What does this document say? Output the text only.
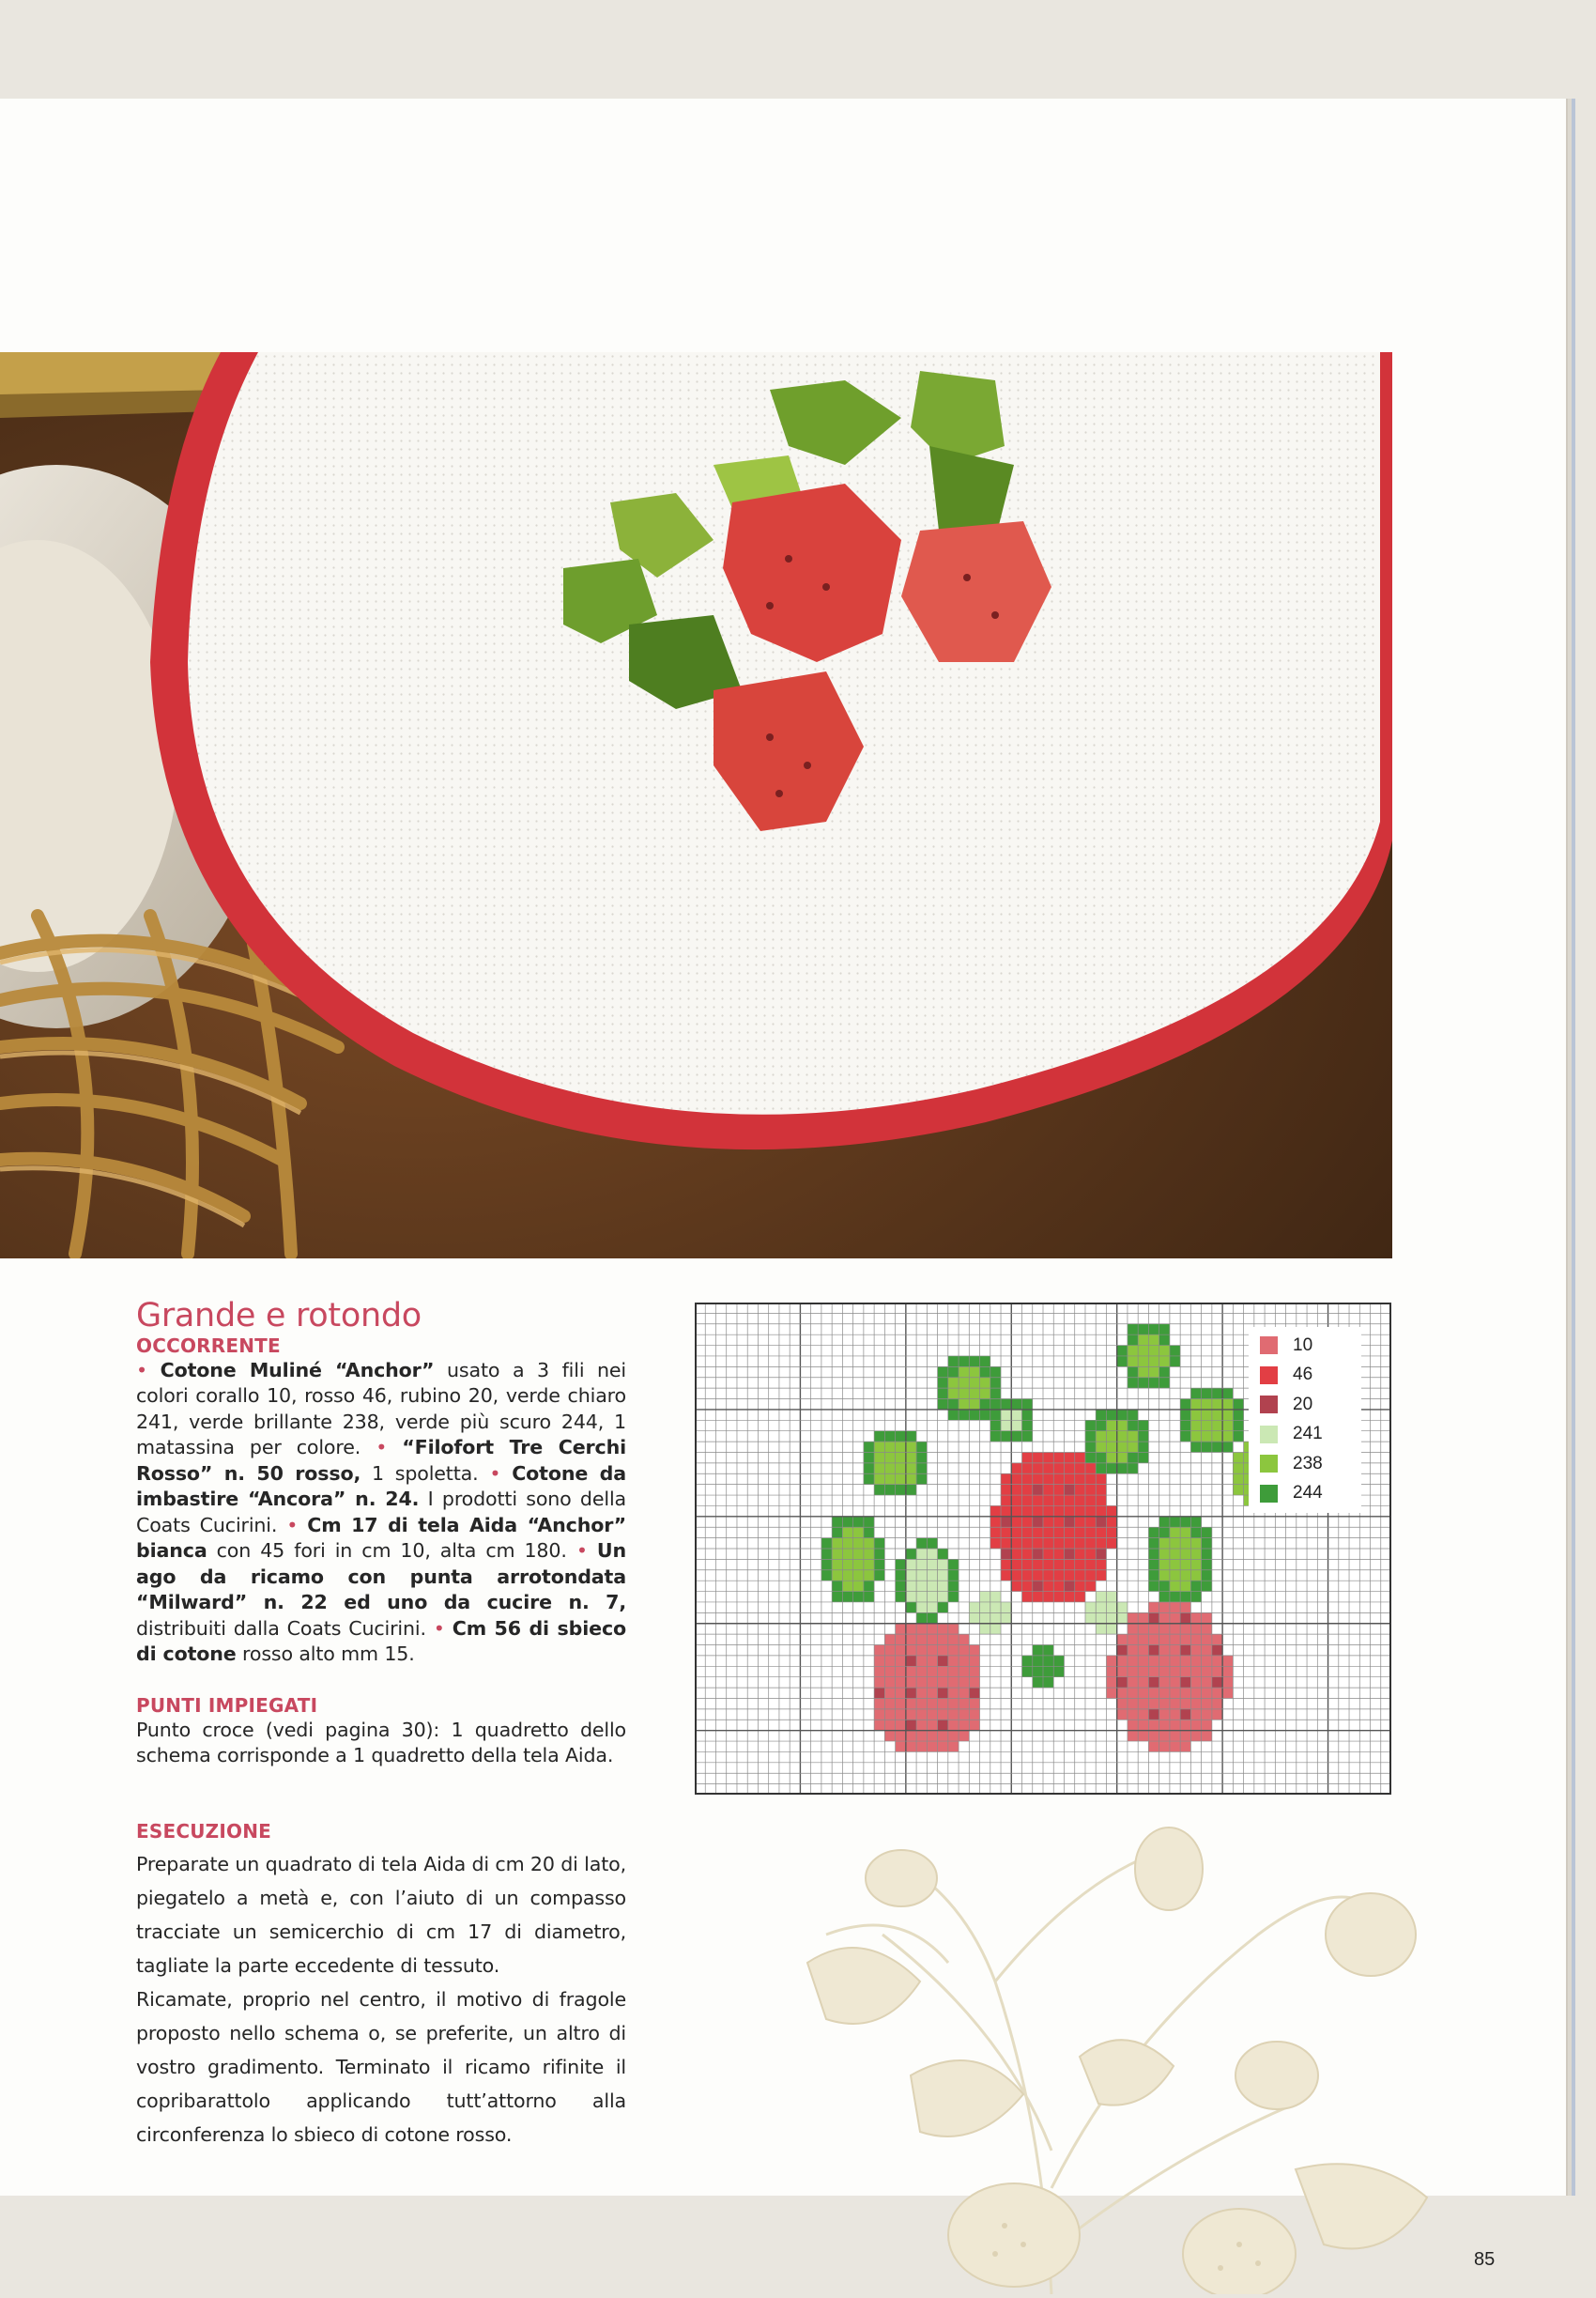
Grande e rotondo
OCCORRENTE

• Cotone Muliné “Anchor” usato a 3 fili nei colori corallo 10, rosso 46, rubino 20, verde chiaro 241, verde brillante 238, verde più scuro 244, 1 matassina per colore. • “Filofort Tre Cerchi Rosso” n. 50 rosso, 1 spoletta. • Cotone da imbastire “Ancora” n. 24. I prodotti sono della Coats Cucirini. • Cm 17 di tela Aida “Anchor” bianca con 45 fori in cm 10, alta cm 180. • Un ago da ricamo con punta arrotondata “Milward” n. 22 ed uno da cucire n. 7, distribuiti dalla Coats Cucirini. • Cm 56 di sbieco di cotone rosso alto mm 15.

PUNTI IMPIEGATI

Punto croce (vedi pagina 30): 1 quadretto dello schema corrisponde a 1 quadretto della tela Aida.

ESECUZIONE

Preparate un quadrato di tela Aida di cm 20 di lato, piegatelo a metà e, con l’aiuto di un compasso tracciate un semicerchio di cm 17 di diametro, tagliate la parte eccedente di tessuto.

Ricamate, proprio nel centro, il motivo di fragole proposto nello schema o, se preferite, un altro di vostro gradimento. Terminato il ricamo rifinite il copribarattolo applicando tutt’attorno alla circonferenza lo sbieco di cotone rosso.

10
46
20
241
238
244
85
